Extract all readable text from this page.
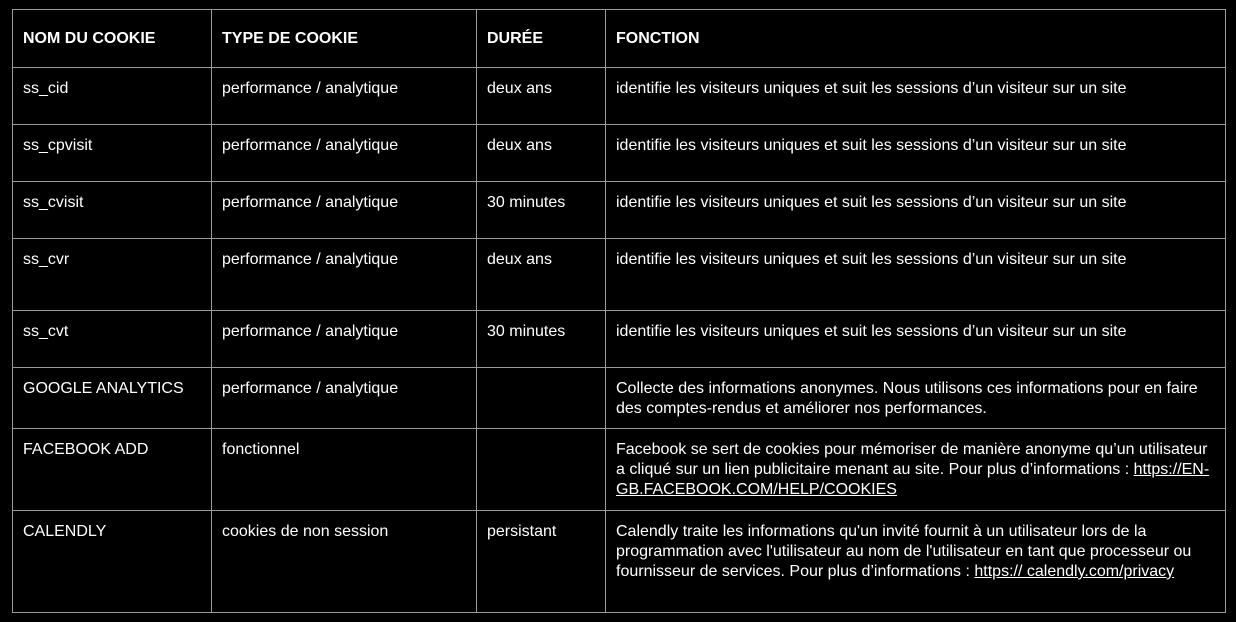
NOM DU COOKIE	TYPE DE COOKIE	DURÉE	FONCTION
ss_cid	performance / analytique	deux ans	identifie les visiteurs uniques et suit les sessions d’un visiteur sur un site
ss_cpvisit	performance / analytique	deux ans	identifie les visiteurs uniques et suit les sessions d’un visiteur sur un site
ss_cvisit	performance / analytique	30 minutes	identifie les visiteurs uniques et suit les sessions d’un visiteur sur un site
ss_cvr	performance / analytique	deux ans	identifie les visiteurs uniques et suit les sessions d’un visiteur sur un site
ss_cvt	performance / analytique	30 minutes	identifie les visiteurs uniques et suit les sessions d’un visiteur sur un site
GOOGLE ANALYTICS	performance / analytique		Collecte des informations anonymes. Nous utilisons ces informations pour en faire des comptes-rendus et améliorer nos performances.
FACEBOOK ADD	fonctionnel		Facebook se sert de cookies pour mémoriser de manière anonyme qu’un utilisateur a cliqué sur un lien publicitaire menant au site. Pour plus d’informations : https://EN-GB.FACEBOOK.COM/HELP/COOKIES
CALENDLY	cookies de non session	persistant	Calendly traite les informations qu'un invité fournit à un utilisateur lors de la programmation avec l'utilisateur au nom de l'utilisateur en tant que processeur ou fournisseur de services. Pour plus d’informations : https:// calendly.com/privacy
